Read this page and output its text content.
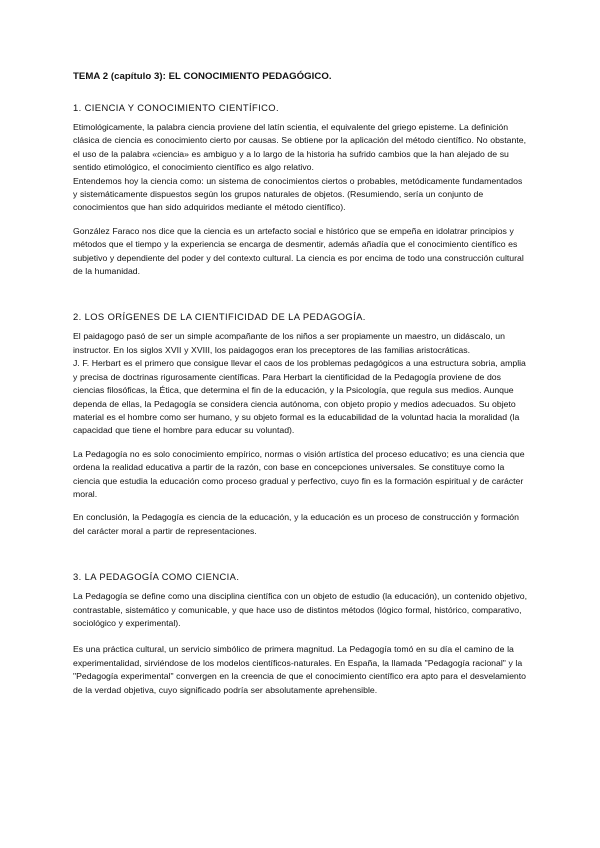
TEMA 2 (capítulo 3): EL CONOCIMIENTO PEDAGÓGICO.
1. CIENCIA Y CONOCIMIENTO CIENTÍFICO.

Etimológicamente, la palabra ciencia proviene del latín scientia, el equivalente del griego episteme. La definición clásica de ciencia es conocimiento cierto por causas. Se obtiene por la aplicación del método científico. No obstante, el uso de la palabra «ciencia» es ambiguo y a lo largo de la historia ha sufrido cambios que la han alejado de su sentido etimológico, el conocimiento científico es algo relativo.

Entendemos hoy la ciencia como: un sistema de conocimientos ciertos o probables, metódicamente fundamentados y sistemáticamente dispuestos según los grupos naturales de objetos. (Resumiendo, sería un conjunto de conocimientos que han sido adquiridos mediante el método científico).

González Faraco nos dice que la ciencia es un artefacto social e histórico que se empeña en idolatrar principios y métodos que el tiempo y la experiencia se encarga de desmentir, además añadía que el conocimiento científico es subjetivo y dependiente del poder y del contexto cultural. La ciencia es por encima de todo una construcción cultural de la humanidad.

2. LOS ORÍGENES DE LA CIENTIFICIDAD DE LA PEDAGOGÍA.

El paidagogo pasó de ser un simple acompañante de los niños a ser propiamente un maestro, un didáscalo, un instructor. En los siglos XVII y XVIII, los paidagogos eran los preceptores de las familias aristocráticas.

J. F. Herbart es el primero que consigue llevar el caos de los problemas pedagógicos a una estructura sobria, amplia y precisa de doctrinas rigurosamente científicas. Para Herbart la cientificidad de la Pedagogía proviene de dos ciencias filosóficas, la Ética, que determina el fin de la educación, y la Psicología, que regula sus medios. Aunque dependa de ellas, la Pedagogía se considera ciencia autónoma, con objeto propio y medios adecuados. Su objeto material es el hombre como ser humano, y su objeto formal es la educabilidad de la voluntad hacia la moralidad (la capacidad que tiene el hombre para educar su voluntad).

La Pedagogía no es solo conocimiento empírico, normas o visión artística del proceso educativo; es una ciencia que ordena la realidad educativa a partir de la razón, con base en concepciones universales. Se constituye como la ciencia que estudia la educación como proceso gradual y perfectivo, cuyo fin es la formación espiritual y de carácter moral.

En conclusión, la Pedagogía es ciencia de la educación, y la educación es un proceso de construcción y formación del carácter moral a partir de representaciones.

3. LA PEDAGOGÍA COMO CIENCIA.

La Pedagogía se define como una disciplina científica con un objeto de estudio (la educación), un contenido objetivo, contrastable, sistemático y comunicable, y que hace uso de distintos métodos (lógico formal, histórico, comparativo, sociológico y experimental).

Es una práctica cultural, un servicio simbólico de primera magnitud. La Pedagogía tomó en su día el camino de la experimentalidad, sirviéndose de los modelos científicos-naturales. En España, la llamada "Pedagogía racional" y la "Pedagogía experimental" convergen en la creencia de que el conocimiento científico era apto para el desvelamiento de la verdad objetiva, cuyo significado podría ser absolutamente aprehensible.
